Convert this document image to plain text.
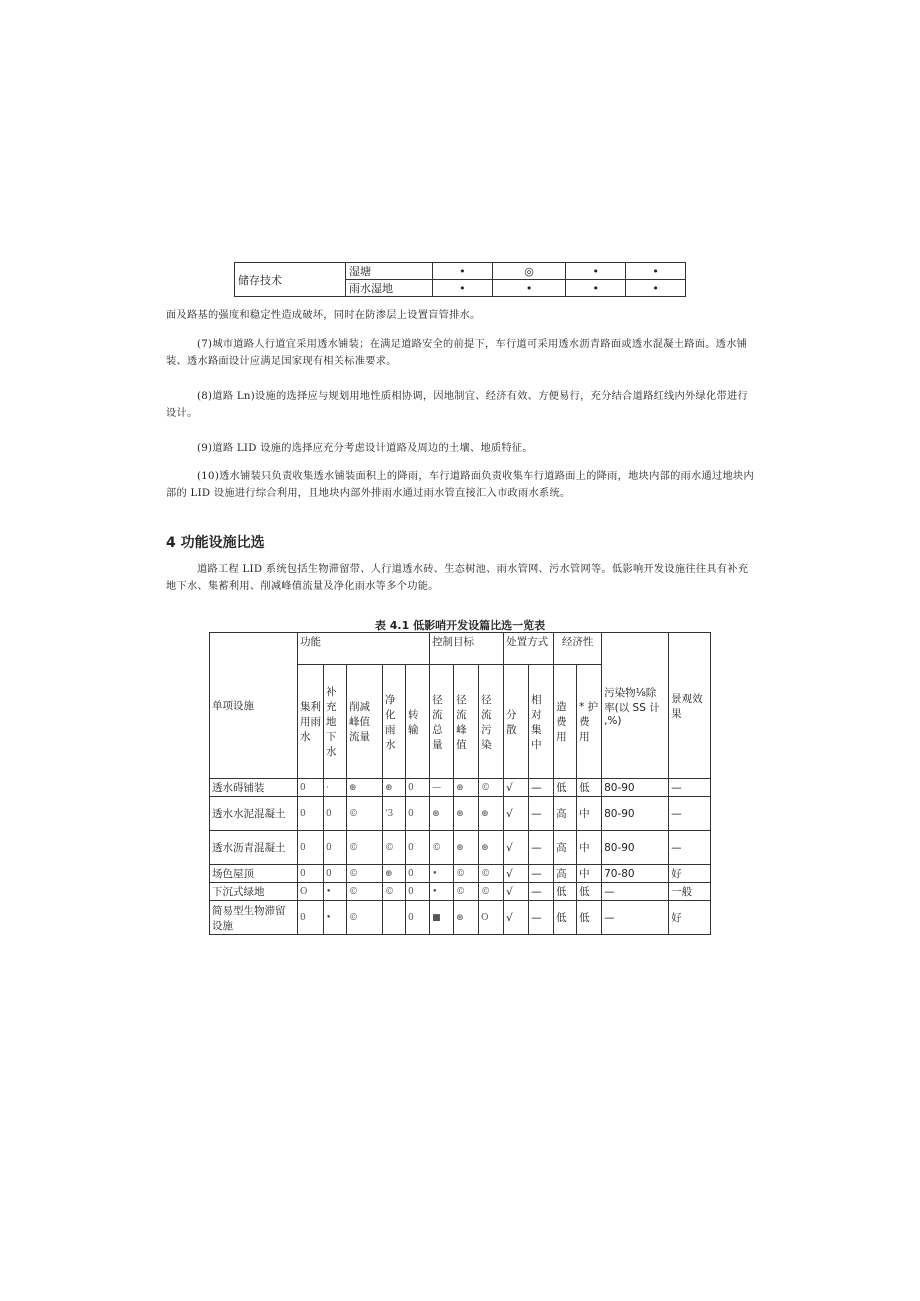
储存技术	湿塘	•	◎	•	•
	雨水湿地	•	•	•	•
面及路基的强度和稳定性造成破坏，同时在防渗层上设置盲管排水。
(7)城市道路人行道宜采用透水铺装；在满足道路安全的前提下，车行道可采用透水沥青路面或透水混凝土路面。透水铺装、透水路面设计应满足国家现有相关标准要求。
(8)道路 Ln)设施的选择应与规划用地性质相协调，因地制宜、经济有效、方便易行，充分结合道路红线内外绿化带进行设计。
(9)道路 LID 设施的选择应充分考虑设计道路及周边的土壤、地质特征。
(10)透水铺装只负责收集透水铺装面积上的降雨，车行道路面负责收集车行道路面上的降雨，地块内部的雨水通过地块内部的 LID 设施进行综合利用，且地块内部外排雨水通过雨水管直接汇入市政雨水系统。
4 功能设施比选
道路工程 LID 系统包括生物滞留带、人行道透水砖、生态树池、雨水管网、污水管网等。低影响开发设施往往具有补充地下水、集蓄利用、削减峰值流量及净化雨水等多个功能。
表 4.1 低影哨开发设篇比选一览表
单项设施	功能					控制目标			处置方式		经济性		污染物⅛除率(以 SS 计 ,%)	景观效果
	集利用雨水	补充地下水	削减峰值流量	净化雨水	转输	径流总量	径流峰值	径流污染	分散	相对集中	造费用	* 护费用		
透水碍铺装	0	·	⊛	⊛	0	—	⊛	©	√	—	低	低	80-90	—
透水水泥混凝土	0	0	©	'3	0	⊛	⊛	⊛	√	—	高	中	80-90	—
透水沥青混凝土	0	0	©	©	0	©	⊛	⊛	√	—	高	中	80-90	—
场色屋顶	0	0	©	⊛	0	•	©	©	√	—	高	中	70-80	好
下沉式绿地	O	•	©	©	0	•	©	©	√	—	低	低	—	一般
简易型生物滞留设施	0	•	©		0	■	⊛	O	√	—	低	低	—	好
